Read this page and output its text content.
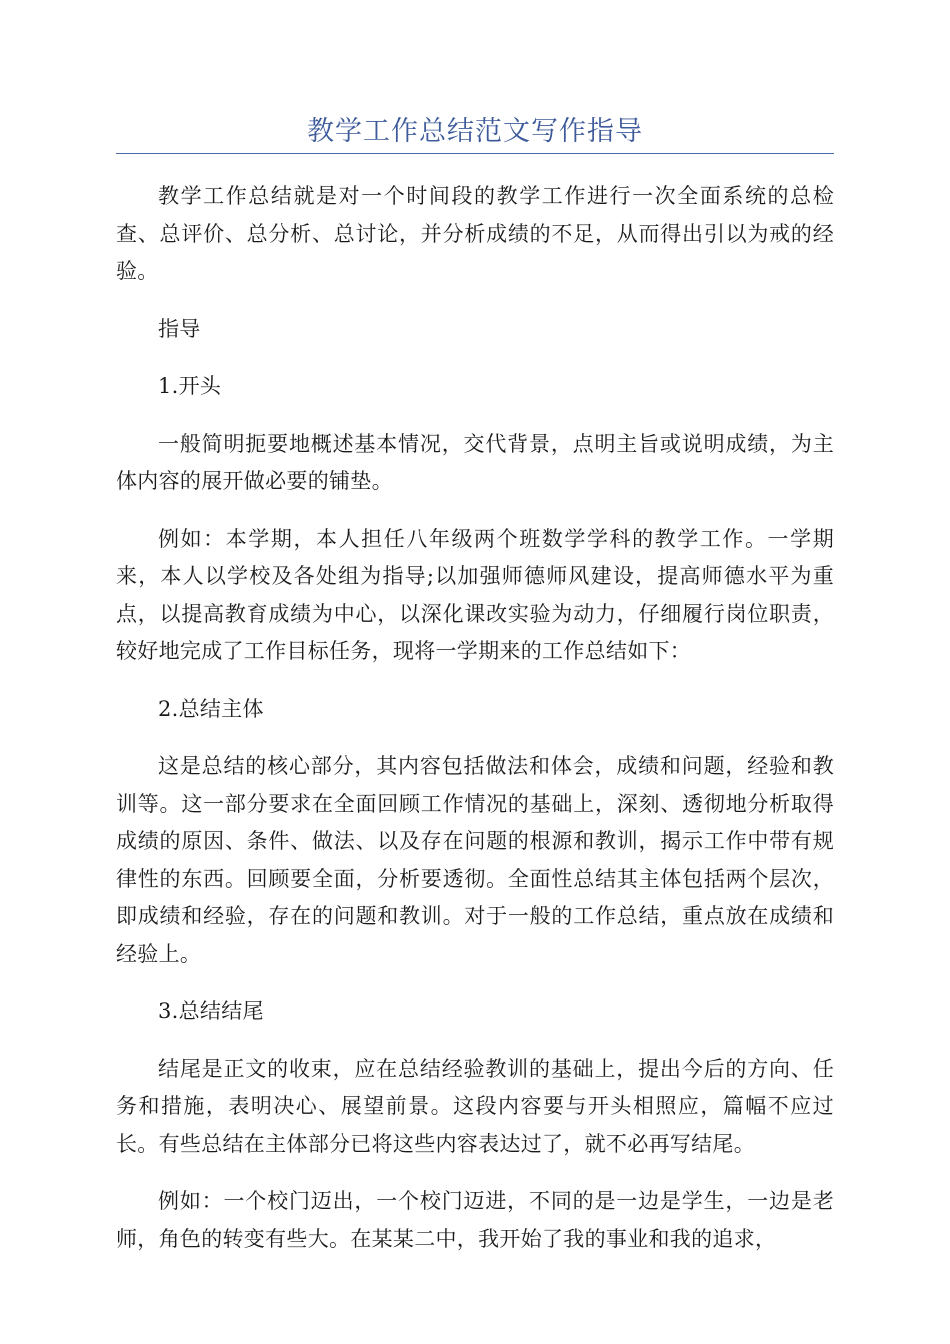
教学工作总结范文写作指导

教学工作总结就是对一个时间段的教学工作进行一次全面系统的总检查、总评价、总分析、总讨论，并分析成绩的不足，从而得出引以为戒的经验。

指导

1.开头

一般简明扼要地概述基本情况，交代背景，点明主旨或说明成绩，为主体内容的展开做必要的铺垫。

例如：本学期，本人担任八年级两个班数学学科的教学工作。一学期来，本人以学校及各处组为指导;以加强师德师风建设，提高师德水平为重点，以提高教育成绩为中心，以深化课改实验为动力，仔细履行岗位职责，较好地完成了工作目标任务，现将一学期来的工作总结如下：

2.总结主体

这是总结的核心部分，其内容包括做法和体会，成绩和问题，经验和教训等。这一部分要求在全面回顾工作情况的基础上，深刻、透彻地分析取得成绩的原因、条件、做法、以及存在问题的根源和教训，揭示工作中带有规律性的东西。回顾要全面，分析要透彻。全面性总结其主体包括两个层次，即成绩和经验，存在的问题和教训。对于一般的工作总结，重点放在成绩和经验上。

3.总结结尾

结尾是正文的收束，应在总结经验教训的基础上，提出今后的方向、任务和措施，表明决心、展望前景。这段内容要与开头相照应，篇幅不应过长。有些总结在主体部分已将这些内容表达过了，就不必再写结尾。

例如：一个校门迈出，一个校门迈进，不同的是一边是学生，一边是老师，角色的转变有些大。在某某二中，我开始了我的事业和我的追求，
